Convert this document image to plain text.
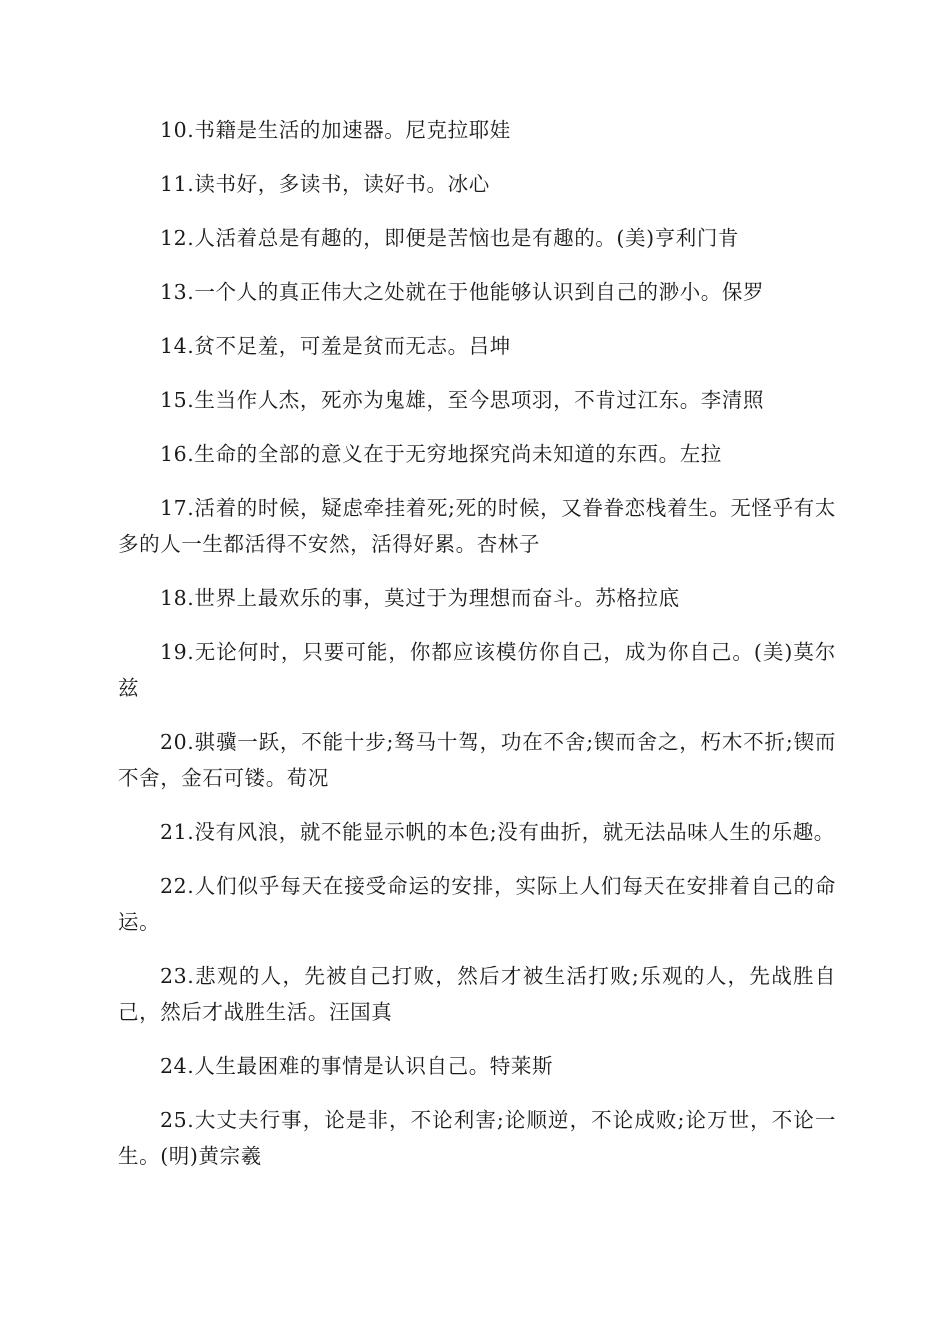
10.书籍是生活的加速器。尼克拉耶娃

11.读书好，多读书，读好书。冰心

12.人活着总是有趣的，即便是苦恼也是有趣的。(美)亨利门肯

13.一个人的真正伟大之处就在于他能够认识到自己的渺小。保罗

14.贫不足羞，可羞是贫而无志。吕坤

15.生当作人杰，死亦为鬼雄，至今思项羽，不肯过江东。李清照

16.生命的全部的意义在于无穷地探究尚未知道的东西。左拉

17.活着的时候，疑虑牵挂着死;死的时候，又眷眷恋栈着生。无怪乎有太多的人一生都活得不安然，活得好累。杏林子

18.世界上最欢乐的事，莫过于为理想而奋斗。苏格拉底

19.无论何时，只要可能，你都应该模仿你自己，成为你自己。(美)莫尔兹

20.骐骥一跃，不能十步;驽马十驾，功在不舍;锲而舍之，朽木不折;锲而不舍，金石可镂。荀况

21.没有风浪，就不能显示帆的本色;没有曲折，就无法品味人生的乐趣。

22.人们似乎每天在接受命运的安排，实际上人们每天在安排着自己的命运。

23.悲观的人，先被自己打败，然后才被生活打败;乐观的人，先战胜自己，然后才战胜生活。汪国真

24.人生最困难的事情是认识自己。特莱斯

25.大丈夫行事，论是非，不论利害;论顺逆，不论成败;论万世，不论一生。(明)黄宗羲
